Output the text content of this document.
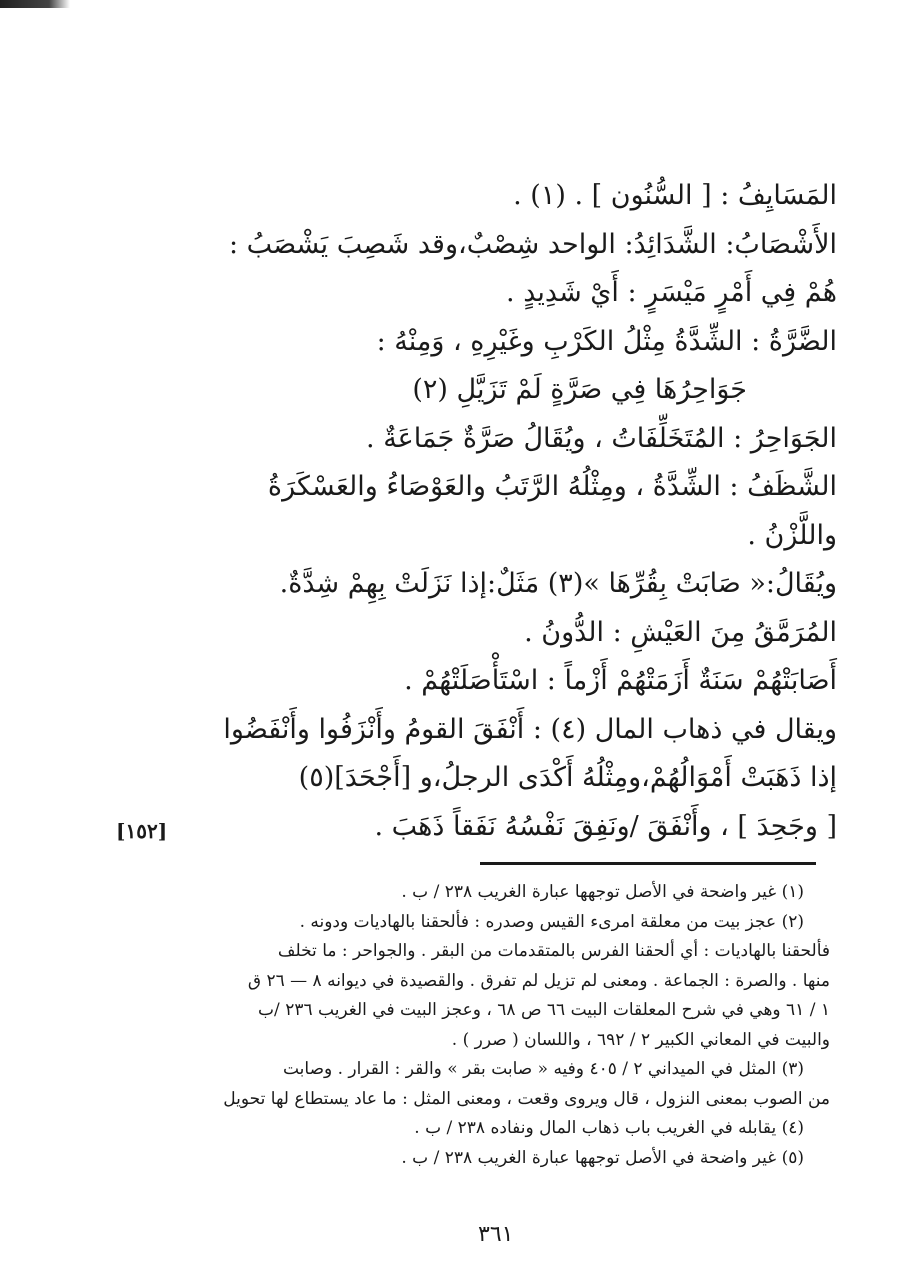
المَسَايِفُ : [ السُّنُون ] . (١) .
الأَشْصَابُ: الشَّدَائِدُ: الواحد شِصْبٌ،وقد شَصِبَ يَشْصَبُ :
هُمْ فِي أَمْرٍ مَيْسَرٍ : أَيْ شَدِيدٍ .
الضَّرَّةُ : الشِّدَّةُ مِثْلُ الكَرْبِ وغَيْرِهِ ، وَمِنْهُ :
جَوَاحِرُهَا فِي صَرَّةٍ لَمْ تَزَيَّلِ (٢)
الجَوَاحِرُ : المُتَخَلِّفَاتُ ، ويُقَالُ صَرَّةٌ جَمَاعَةٌ .
الشَّظَفُ : الشِّدَّةُ ، ومِثْلُهُ الرَّتَبُ والعَوْصَاءُ والعَسْكَرَةُ
واللَّزْنُ .
ويُقَالُ:« صَابَتْ بِقُرِّهَا »(٣) مَثَلٌ:إذا نَزَلَتْ بِهِمْ شِدَّةٌ.
المُرَمَّقُ مِنَ العَيْشِ : الدُّونُ .
أَصَابَتْهُمْ سَنَةٌ أَزَمَتْهُمْ أَزْماً : اسْتَأْصَلَتْهُمْ .
ويقال في ذهاب المال (٤) : أَنْفَقَ القومُ وأَنْزَفُوا وأَنْفَضُوا
إذا ذَهَبَتْ أَمْوَالُهُمْ،ومِثْلُهُ أَكْدَى الرجلُ،و [أَجْحَدَ](٥)
[ وجَحِدَ ] ، وأَنْفَقَ /ونَفِقَ نَفْسُهُ نَفَقاً ذَهَبَ .
[١٥٢]
(١) غير واضحة في الأصل توجهها عبارة الغريب ٢٣٨ / ب .
(٢) عجز بيت من معلقة امرىء القيس وصدره : فألحقنا بالهاديات ودونه .
فألحقنا بالهاديات : أي ألحقنا الفرس بالمتقدمات من البقر . والجواحر : ما تخلف
منها . والصرة : الجماعة . ومعنى لم تزيل لم تفرق . والقصيدة في ديوانه ٨ — ٢٦ ق
١ / ٦١ وهي في شرح المعلقات البيت ٦٦ ص ٦٨ ، وعجز البيت في الغريب ٢٣٦ /ب
والبيت في المعاني الكبير ٢ / ٦٩٢ ، واللسان ( صرر ) .
(٣) المثل في الميداني ٢ / ٤٠٥ وفيه « صابت بقر » والقر : القرار . وصابت
من الصوب بمعنى النزول ، قال ويروى وقعت ، ومعنى المثل : ما عاد يستطاع لها تحويل
(٤) يقابله في الغريب باب ذهاب المال ونفاده ٢٣٨ / ب .
(٥) غير واضحة في الأصل توجهها عبارة الغريب ٢٣٨ / ب .
٣٦١
